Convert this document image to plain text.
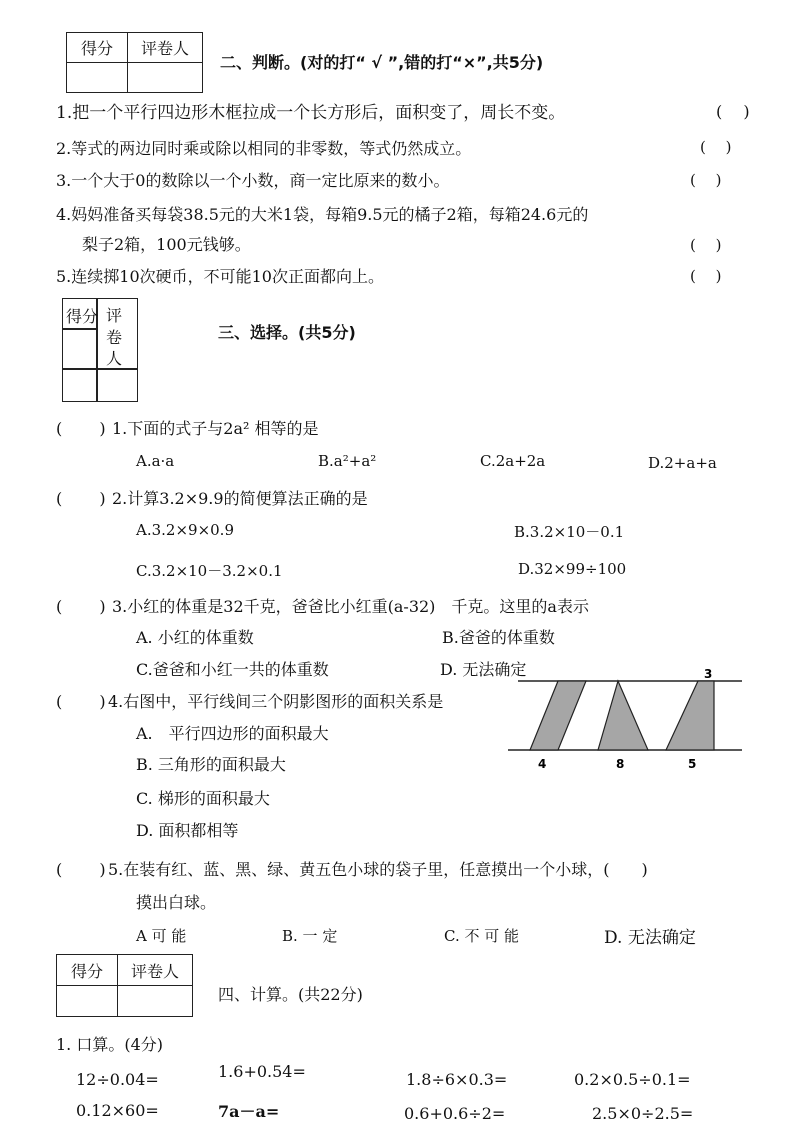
得分	评卷人

二、判断。(对的打“ √ ”,错的打“×”,共5分)
1.把一个平行四边形木框拉成一个长方形后，面积变了，周长不变。	(　 )
2.等式的两边同时乘或除以相同的非零数，等式仍然成立。	(　 )
3.一个大于0的数除以一个小数，商一定比原来的数小。	(　 )
4.妈妈准备买每袋38.5元的大米1袋，每箱9.5元的橘子2箱，每箱24.6元的
梨子2箱，100元钱够。	(　 )
5.连续掷10次硬币，不可能10次正面都向上。	(　 )
得分 评
卷
人
三、选择。(共5分)
(　　 ) 1.下面的式子与2a² 相等的是
A.a·a	B.a²+a²	C.2a+2a	D.2+a+a
(　　 ) 2.计算3.2×9.9的简便算法正确的是
A.3.2×9×0.9	B.3.2×10－0.1
C.3.2×10－3.2×0.1	D.32×99÷100
(　　 ) 3.小红的体重是32千克，爸爸比小红重(a-32)　千克。这里的a表示
A. 小红的体重数	B.爸爸的体重数
C.爸爸和小红一共的体重数	D. 无法确定
(　　 ) 4.右图中，平行线间三个阴影图形的面积关系是
A.　平行四边形的面积最大
B. 三角形的面积最大
C. 梯形的面积最大
D. 面积都相等
3
4	8	5
(　　 ) 5.在装有红、蓝、黑、绿、黄五色小球的袋子里，任意摸出一个小球，(　　)
摸出白球。
A 可 能	B. 一 定	C. 不 可 能	D. 无法确定
得分	评卷人

四、计算。(共22分)
1. 口算。(4分)
12÷0.04=	1.6+0.54=	1.8÷6×0.3=	0.2×0.5÷0.1=
0.12×60=	7a－a=	0.6+0.6÷2=	2.5×0÷2.5=
